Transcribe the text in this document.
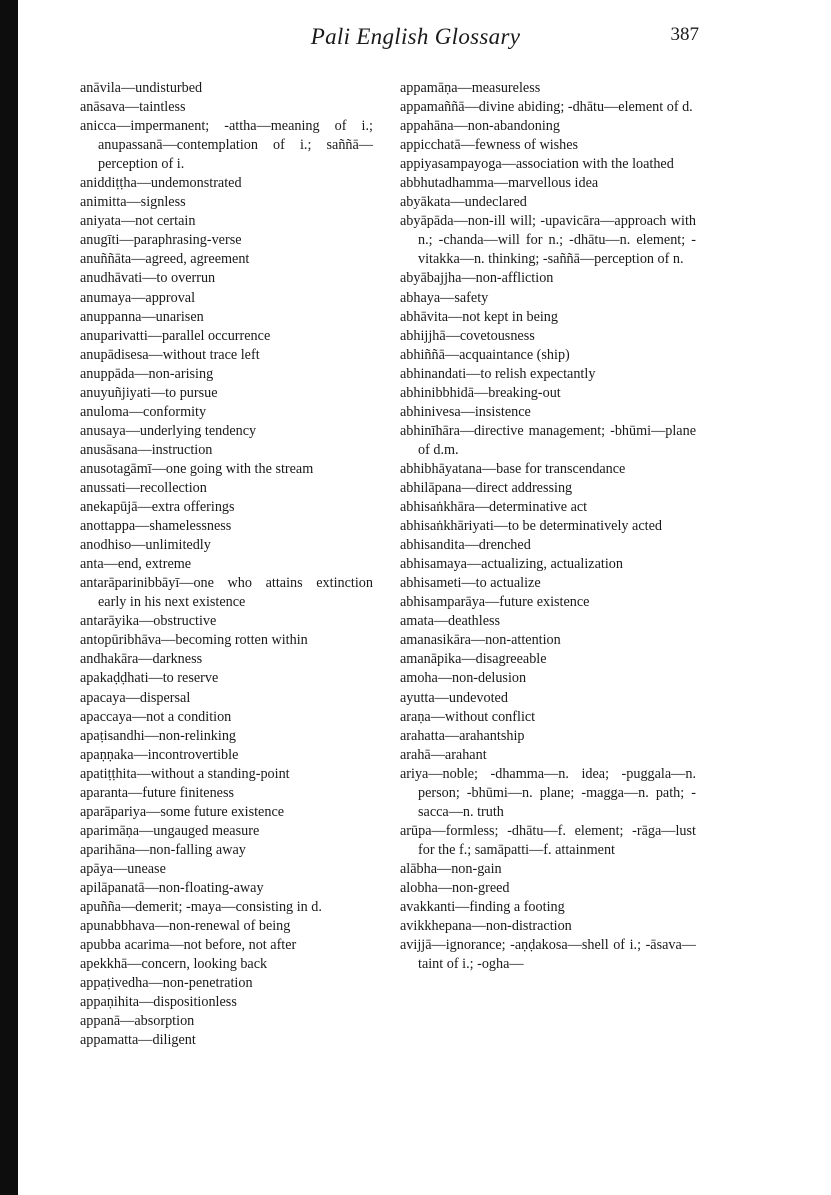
Pali English Glossary	387

anāvila—undisturbed

anāsava—taintless

anicca—impermanent; -attha—meaning of i.; anupassanā—contemplation of i.; saññā—perception of i.

aniddiṭṭha—undemonstrated

animitta—signless

aniyata—not certain

anugīti—paraphrasing-verse

anuññāta—agreed, agreement

anudhāvati—to overrun

anumaya—approval

anuppanna—unarisen

anuparivatti—parallel occurrence

anupādisesa—without trace left

anuppāda—non-arising

anuyuñjiyati—to pursue

anuloma—conformity

anusaya—underlying tendency

anusāsana—instruction

anusotagāmī—one going with the stream

anussati—recollection

anekapūjā—extra offerings

anottappa—shamelessness

anodhiso—unlimitedly

anta—end, extreme

antarāparinibbāyī—one who attains extinction early in his next existence

antarāyika—obstructive

antopūribhāva—becoming rotten within

andhakāra—darkness

apakaḍḍhati—to reserve

apacaya—dispersal

apaccaya—not a condition

apaṭisandhi—non-relinking

apaṇṇaka—incontrovertible

apatiṭṭhita—without a standing-point

aparanta—future finiteness

aparāpariya—some future existence

aparimāṇa—ungauged measure

aparihāna—non-falling away

apāya—unease

apilāpanatā—non-floating-away

apuñña—demerit; -maya—consisting in d.

apunabbhava—non-renewal of being

apubba acarima—not before, not after

apekkhā—concern, looking back

appaṭivedha—non-penetration

appaṇihita—dispositionless

appanā—absorption

appamatta—diligent

appamāṇa—measureless

appamaññā—divine abiding; -dhātu—element of d.

appahāna—non-abandoning

appicchatā—fewness of wishes

appiyasampayoga—association with the loathed

abbhutadhamma—marvellous idea

abyākata—undeclared

abyāpāda—non-ill will; -upavicāra—approach with n.; -chanda—will for n.; -dhātu—n. element; -vitakka—n. thinking; -saññā—perception of n.

abyābajjha—non-affliction

abhaya—safety

abhāvita—not kept in being

abhijjhā—covetousness

abhiññā—acquaintance (ship)

abhinandati—to relish expectantly

abhinibbhidā—breaking-out

abhinivesa—insistence

abhinīhāra—directive management; -bhūmi—plane of d.m.

abhibhāyatana—base for transcendance

abhilāpana—direct addressing

abhisaṅkhāra—determinative act

abhisaṅkhāriyati—to be determinatively acted

abhisandita—drenched

abhisamaya—actualizing, actualization

abhisameti—to actualize

abhisamparāya—future existence

amata—deathless

amanasikāra—non-attention

amanāpika—disagreeable

amoha—non-delusion

ayutta—undevoted

araṇa—without conflict

arahatta—arahantship

arahā—arahant

ariya—noble; -dhamma—n. idea; -puggala—n. person; -bhūmi—n. plane; -magga—n. path; -sacca—n. truth

arūpa—formless; -dhātu—f. element; -rāga—lust for the f.; samāpatti—f. attainment

alābha—non-gain

alobha—non-greed

avakkanti—finding a footing

avikkhepana—non-distraction

avijjā—ignorance; -aṇḍakosa—shell of i.; -āsava—taint of i.; -ogha—
